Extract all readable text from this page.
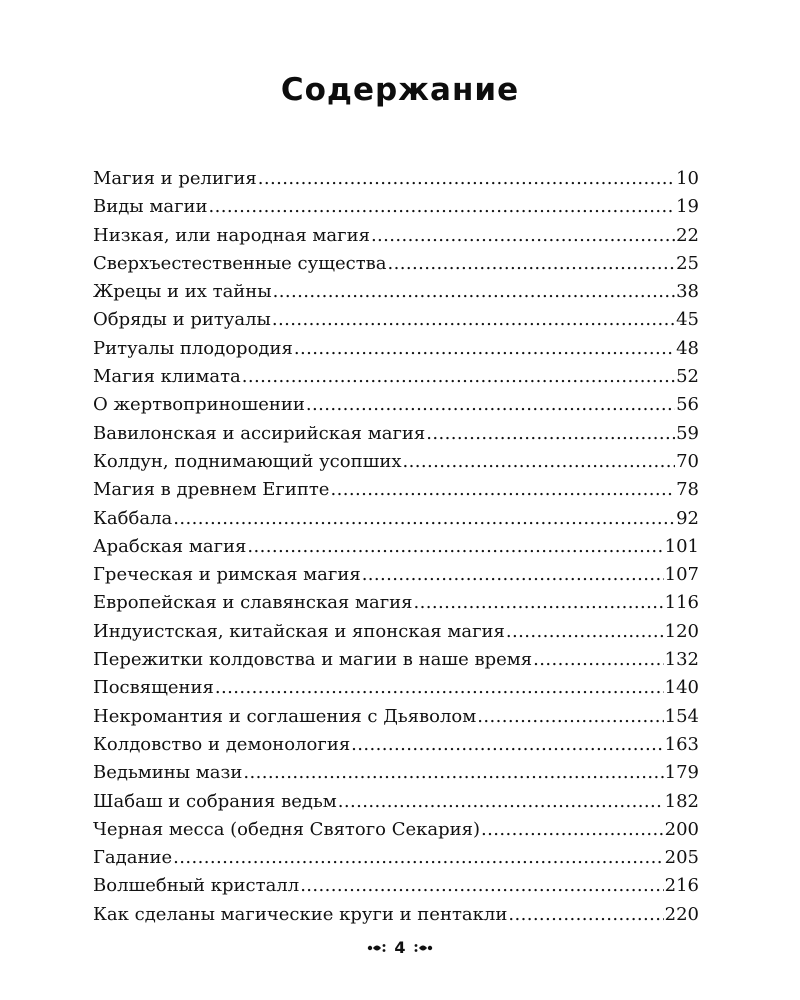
Содержание
Магия и религия .....	10
Виды магии .....	19
Низкая, или народная магия .....	22
Сверхъестественные существа .....	25
Жрецы и их тайны .....	38
Обряды и ритуалы .....	45
Ритуалы плодородия .....	48
Магия климата .....	52
О жертвоприношении .....	56
Вавилонская и ассирийская магия .....	59
Колдун, поднимающий усопших .....	70
Магия в древнем Египте .....	78
Каббала .....	92
Арабская магия .....	101
Греческая и римская магия .....	107
Европейская и славянская магия .....	116
Индуистская, китайская и японская магия .....	120
Пережитки колдовства и магии в наше время .....	132
Посвящения .....	140
Некромантия и соглашения с Дьяволом .....	154
Колдовство и демонология .....	163
Ведьмины мази .....	179
Шабаш и собрания ведьм .....	182
Черная месса (обедня Святого Секария) .....	200
Гадание .....	205
Волшебный кристалл .....	216
Как сделаны магические круги и пентакли .....	220
4
